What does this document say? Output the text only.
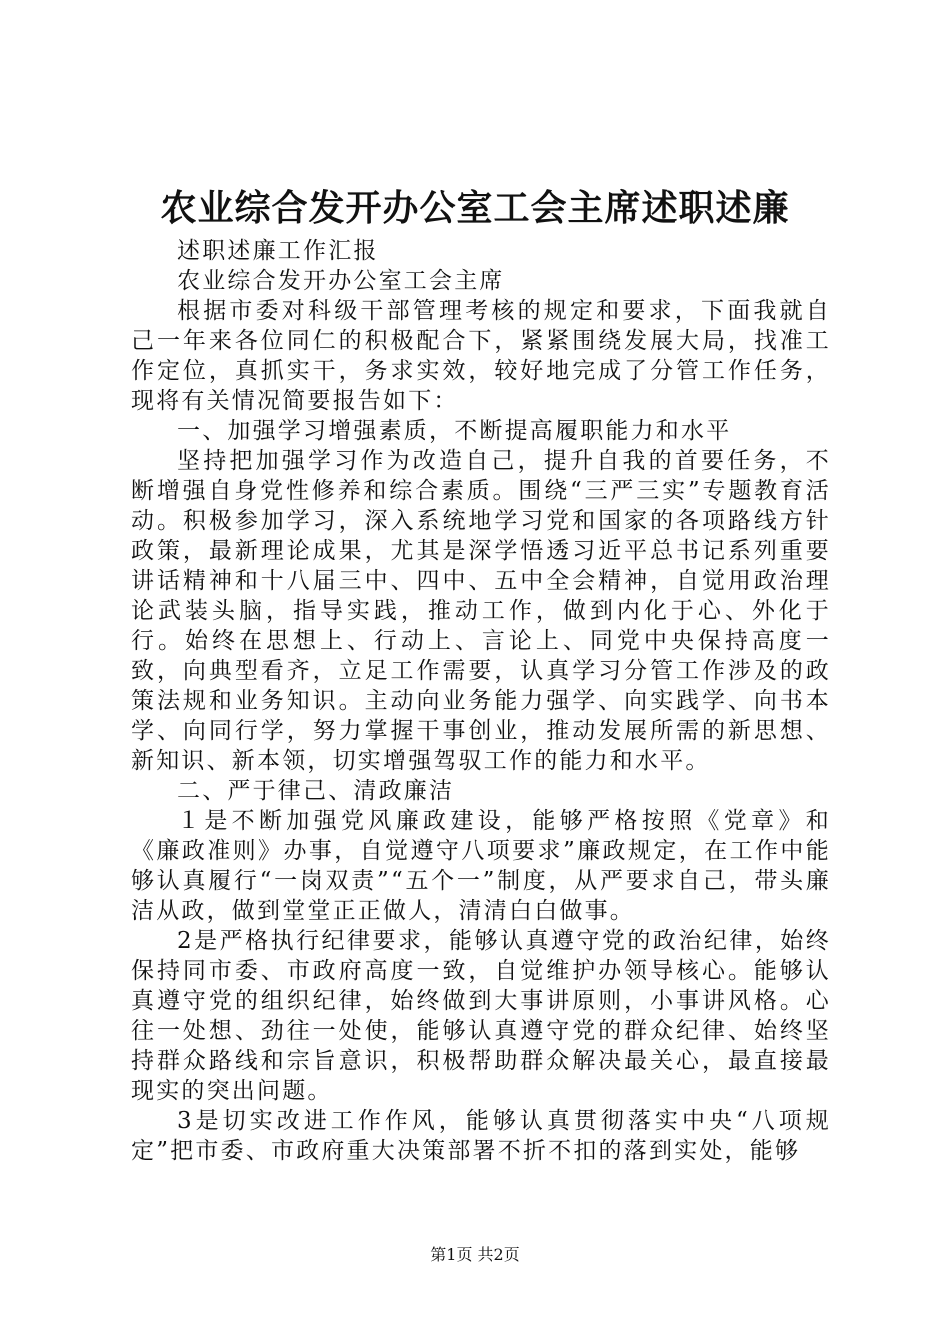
农业综合发开办公室工会主席述职述廉

述职述廉工作汇报

农业综合发开办公室工会主席

根据市委对科级干部管理考核的规定和要求，下面我就自己一年来各位同仁的积极配合下，紧紧围绕发展大局，找准工作定位，真抓实干，务求实效，较好地完成了分管工作任务，现将有关情况简要报告如下：

一、加强学习增强素质，不断提高履职能力和水平

坚持把加强学习作为改造自己，提升自我的首要任务，不断增强自身党性修养和综合素质。围绕“三严三实”专题教育活动。积极参加学习，深入系统地学习党和国家的各项路线方针政策，最新理论成果，尤其是深学悟透习近平总书记系列重要讲话精神和十八届三中、四中、五中全会精神，自觉用政治理论武装头脑，指导实践，推动工作，做到内化于心、外化于行。始终在思想上、行动上、言论上、同党中央保持高度一致，向典型看齐，立足工作需要，认真学习分管工作涉及的政策法规和业务知识。主动向业务能力强学、向实践学、向书本学、向同行学，努力掌握干事创业，推动发展所需的新思想、新知识、新本领，切实增强驾驭工作的能力和水平。

二、严于律己、清政廉洁

１是不断加强党风廉政建设，能够严格按照《党章》和《廉政准则》办事，自觉遵守八项要求”廉政规定，在工作中能够认真履行“一岗双责”“五个一”制度，从严要求自己，带头廉洁从政，做到堂堂正正做人，清清白白做事。

2是严格执行纪律要求，能够认真遵守党的政治纪律，始终保持同市委、市政府高度一致，自觉维护办领导核心。能够认真遵守党的组织纪律，始终做到大事讲原则，小事讲风格。心往一处想、劲往一处使，能够认真遵守党的群众纪律、始终坚持群众路线和宗旨意识，积极帮助群众解决最关心，最直接最现实的突出问题。

3是切实改进工作作风，能够认真贯彻落实中央“八项规定”把市委、市政府重大决策部署不折不扣的落到实处，能够

第1页 共2页
